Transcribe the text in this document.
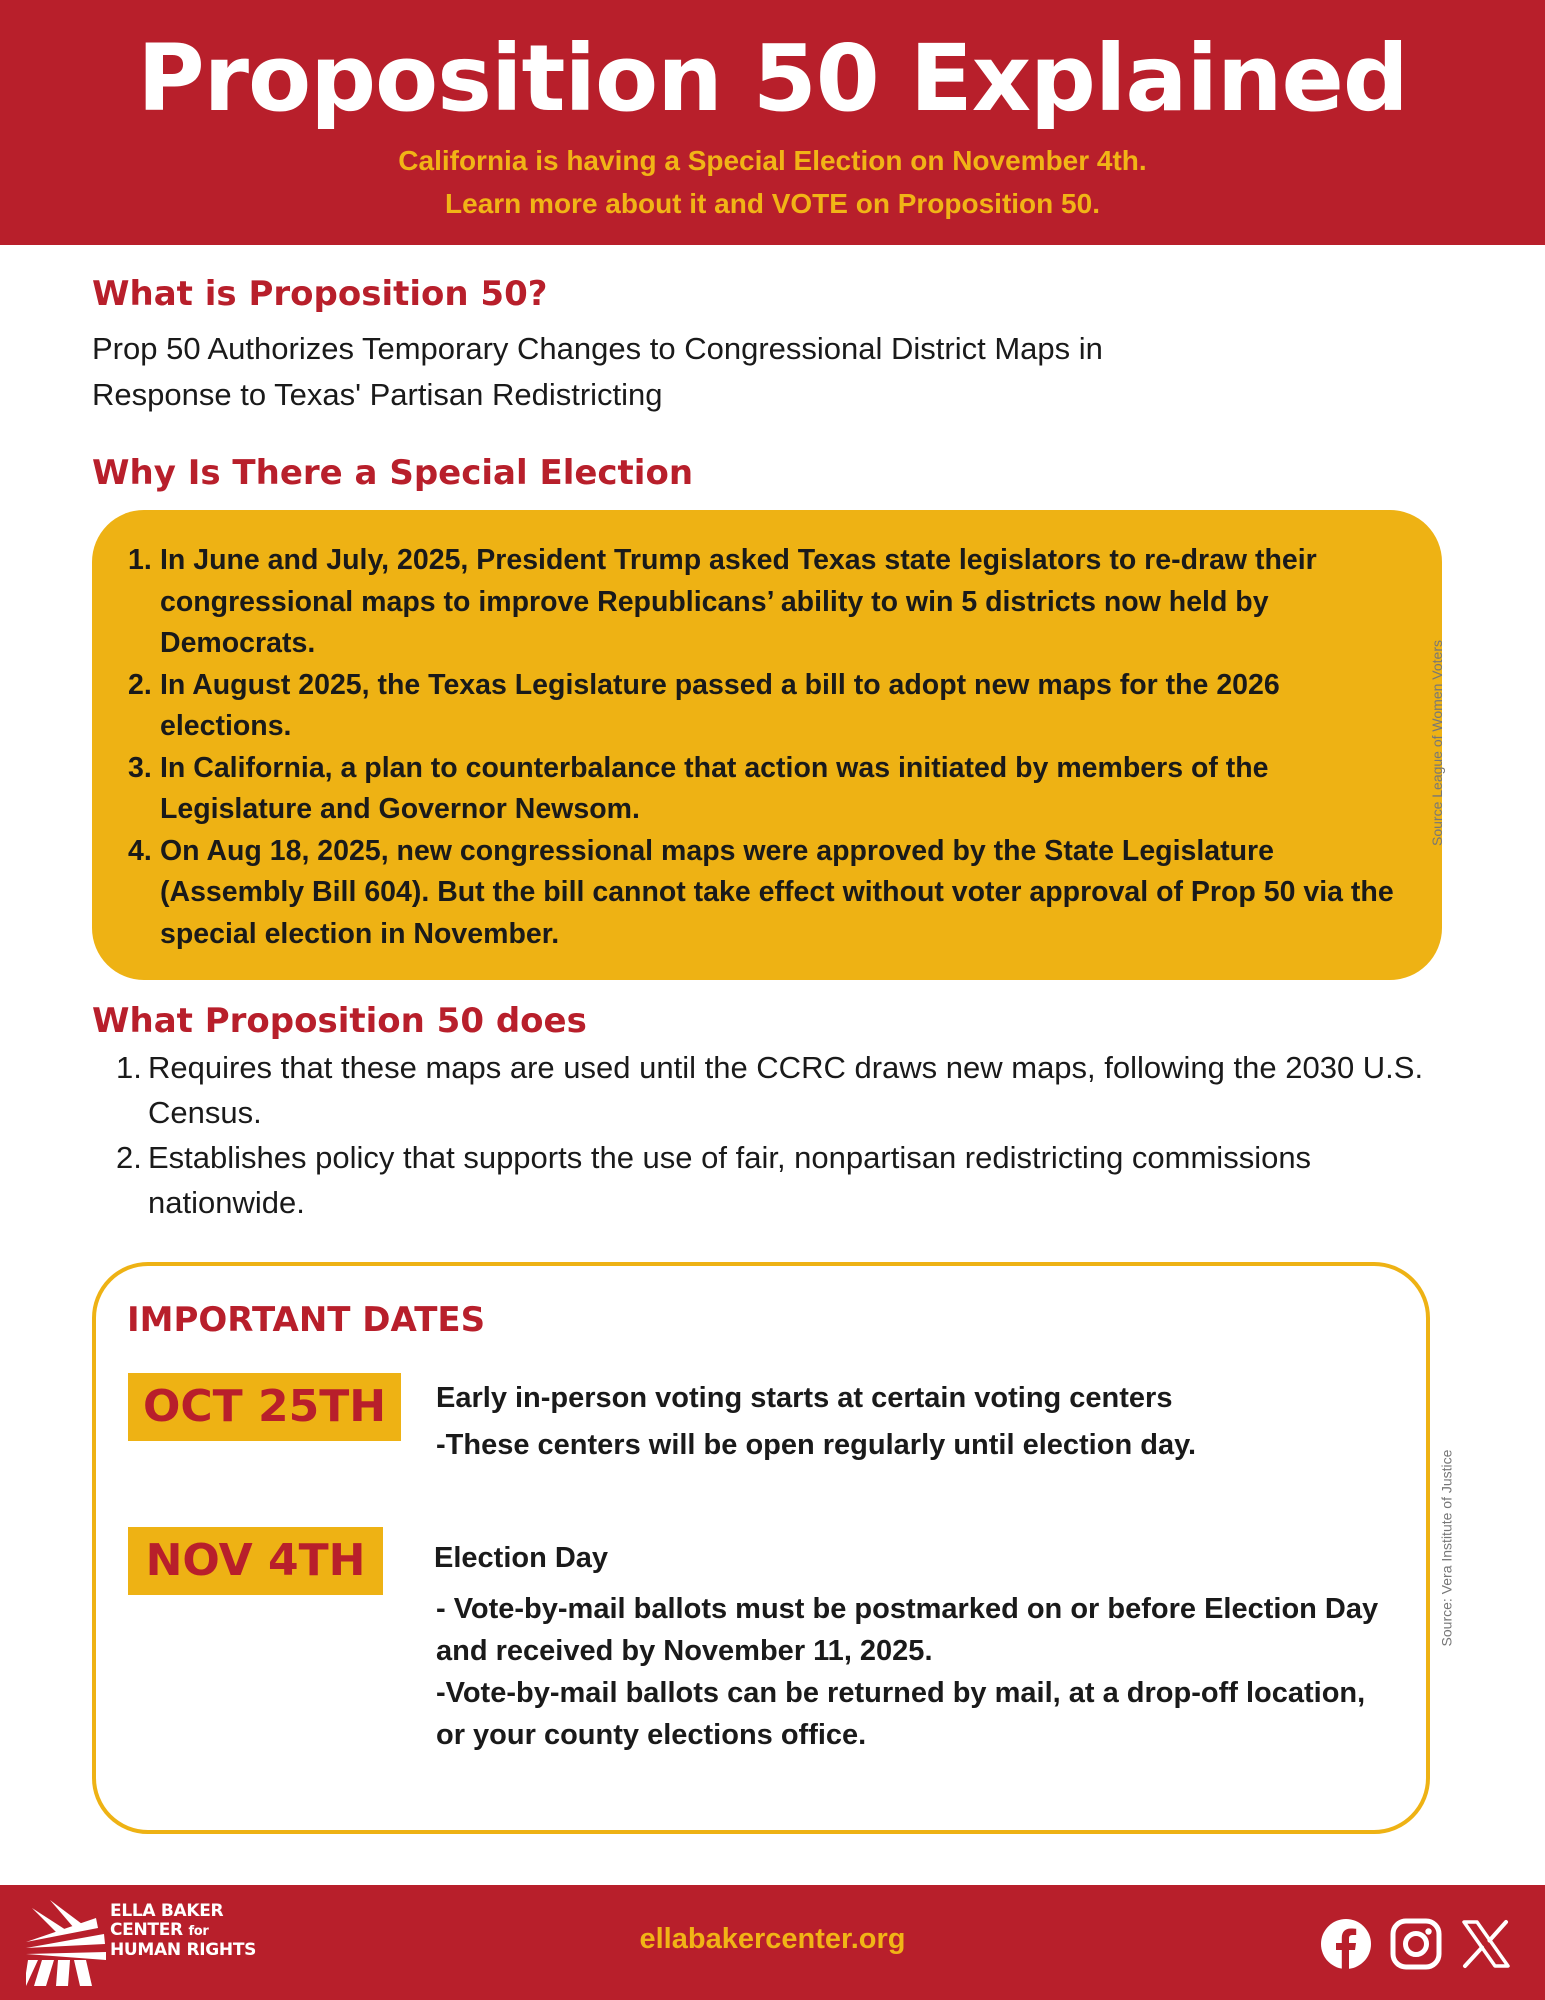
Proposition 50 Explained
California is having a Special Election on November 4th.
Learn more about it and VOTE on Proposition 50.
What is Proposition 50?
Prop 50 Authorizes Temporary Changes to Congressional District Maps in
Response to Texas' Partisan Redistricting
Why Is There a Special Election
1. In June and July, 2025, President Trump asked Texas state legislators to re-draw their congressional maps to improve Republicans’ ability to win 5 districts now held by Democrats.
2. In August 2025, the Texas Legislature passed a bill to adopt new maps for the 2026 elections.
3. In California, a plan to counterbalance that action was initiated by members of the Legislature and Governor Newsom.
4. On Aug 18, 2025, new congressional maps were approved by the State Legislature (Assembly Bill 604). But the bill cannot take effect without voter approval of Prop 50 via the special election in November.
Source League of Women Voters
What Proposition 50 does
1. Requires that these maps are used until the CCRC draws new maps, following the 2030 U.S. Census.
2. Establishes policy that supports the use of fair, nonpartisan redistricting commissions nationwide.
IMPORTANT DATES
OCT 25TH	Early in-person voting starts at certain voting centers
-These centers will be open regularly until election day.
NOV 4TH	Election Day
- Vote-by-mail ballots must be postmarked on or before Election Day and received by November 11, 2025.
-Vote-by-mail ballots can be returned by mail, at a drop-off location, or your county elections office.
Source: Vera Institute of Justice
ELLA BAKER
CENTER for
HUMAN RIGHTS	ellabakercenter.org
